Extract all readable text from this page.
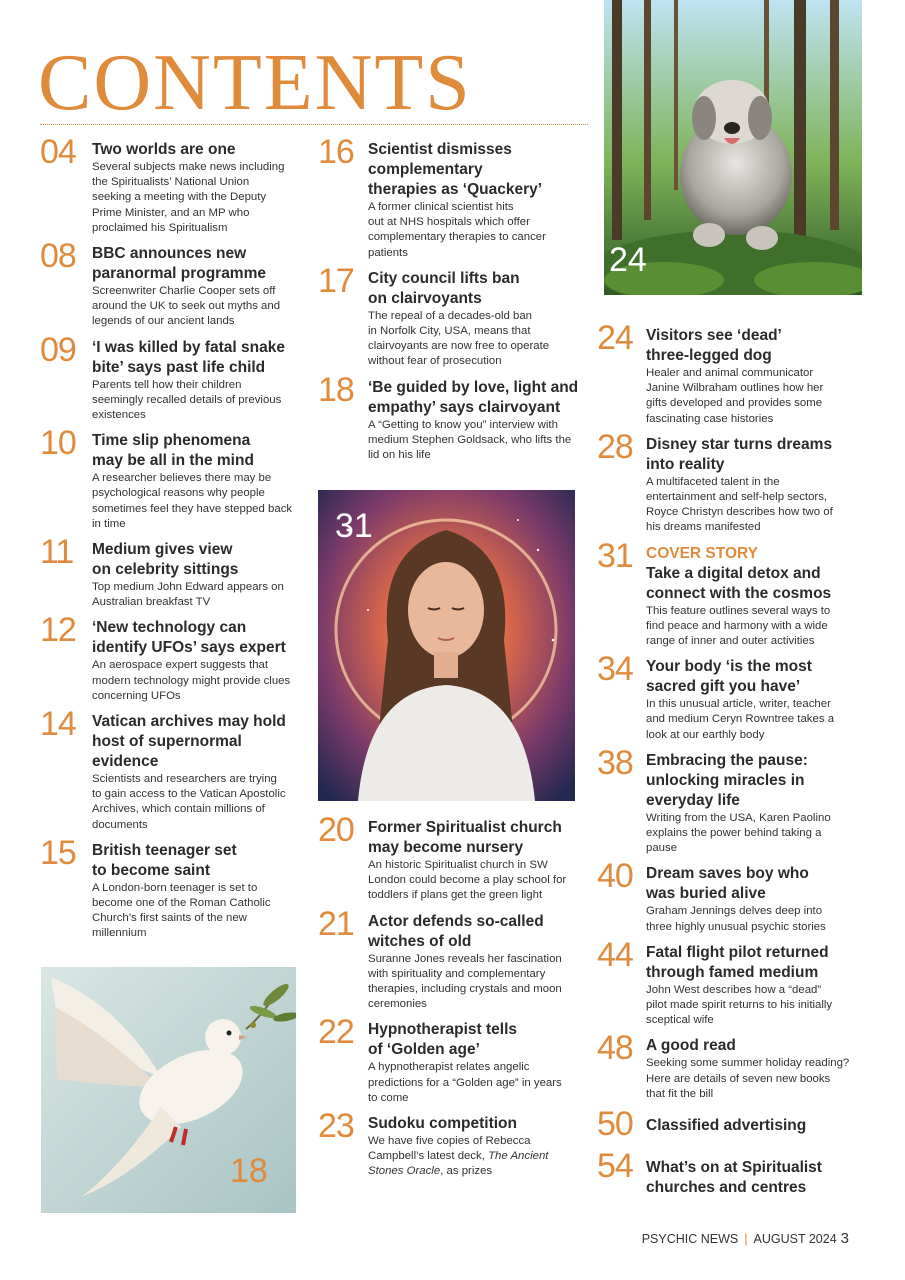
CONTENTS
04 Two worlds are one
Several subjects make news including
the Spiritualists’ National Union
seeking a meeting with the Deputy
Prime Minister, and an MP who
proclaimed his Spiritualism
08 BBC announces new
paranormal programme
Screenwriter Charlie Cooper sets off
around the UK to seek out myths and
legends of our ancient lands
09 ‘I was killed by fatal snake
bite’ says past life child
Parents tell how their children
seemingly recalled details of previous
existences
10 Time slip phenomena
may be all in the mind
A researcher believes there may be
psychological reasons why people
sometimes feel they have stepped back
in time
11 Medium gives view
on celebrity sittings
Top medium John Edward appears on
Australian breakfast TV
12 ‘New technology can
identify UFOs’ says expert
An aerospace expert suggests that
modern technology might provide clues
concerning UFOs
14 Vatican archives may hold
host of supernormal
evidence
Scientists and researchers are trying
to gain access to the Vatican Apostolic
Archives, which contain millions of
documents
15 British teenager set
to become saint
A London-born teenager is set to
become one of the Roman Catholic
Church’s first saints of the new
millennium
16 Scientist dismisses
complementary
therapies as ‘Quackery’
A former clinical scientist hits
out at NHS hospitals which offer
complementary therapies to cancer
patients
17 City council lifts ban
on clairvoyants
The repeal of a decades-old ban
in Norfolk City, USA, means that
clairvoyants are now free to operate
without fear of prosecution
18 ‘Be guided by love, light and
empathy’ says clairvoyant
A “Getting to know you” interview with
medium Stephen Goldsack, who lifts the
lid on his life
20 Former Spiritualist church
may become nursery
An historic Spiritualist church in SW
London could become a play school for
toddlers if plans get the green light
21 Actor defends so-called
witches of old
Suranne Jones reveals her fascination
with spirituality and complementary
therapies, including crystals and moon
ceremonies
22 Hypnotherapist tells
of ‘Golden age’
A hypnotherapist relates angelic
predictions for a “Golden age” in years
to come
23 Sudoku competition
We have five copies of Rebecca
Campbell’s latest deck, The Ancient
Stones Oracle, as prizes
24 Visitors see ‘dead’
three-legged dog
Healer and animal communicator
Janine Wilbraham outlines how her
gifts developed and provides some
fascinating case histories
28 Disney star turns dreams
into reality
A multifaceted talent in the
entertainment and self-help sectors,
Royce Christyn describes how two of
his dreams manifested
31 COVER STORY
Take a digital detox and
connect with the cosmos
This feature outlines several ways to
find peace and harmony with a wide
range of inner and outer activities
34 Your body ‘is the most
sacred gift you have’
In this unusual article, writer, teacher
and medium Ceryn Rowntree takes a
look at our earthly body
38 Embracing the pause:
unlocking miracles in
everyday life
Writing from the USA, Karen Paolino
explains the power behind taking a
pause
40 Dream saves boy who
was buried alive
Graham Jennings delves deep into
three highly unusual psychic stories
44 Fatal flight pilot returned
through famed medium
John West describes how a “dead”
pilot made spirit returns to his initially
sceptical wife
48 A good read
Seeking some summer holiday reading?
Here are details of seven new books
that fit the bill
50 Classified advertising
54 What’s on at Spiritualist
churches and centres
24
31
18
PSYCHIC NEWS | AUGUST 2024 3
